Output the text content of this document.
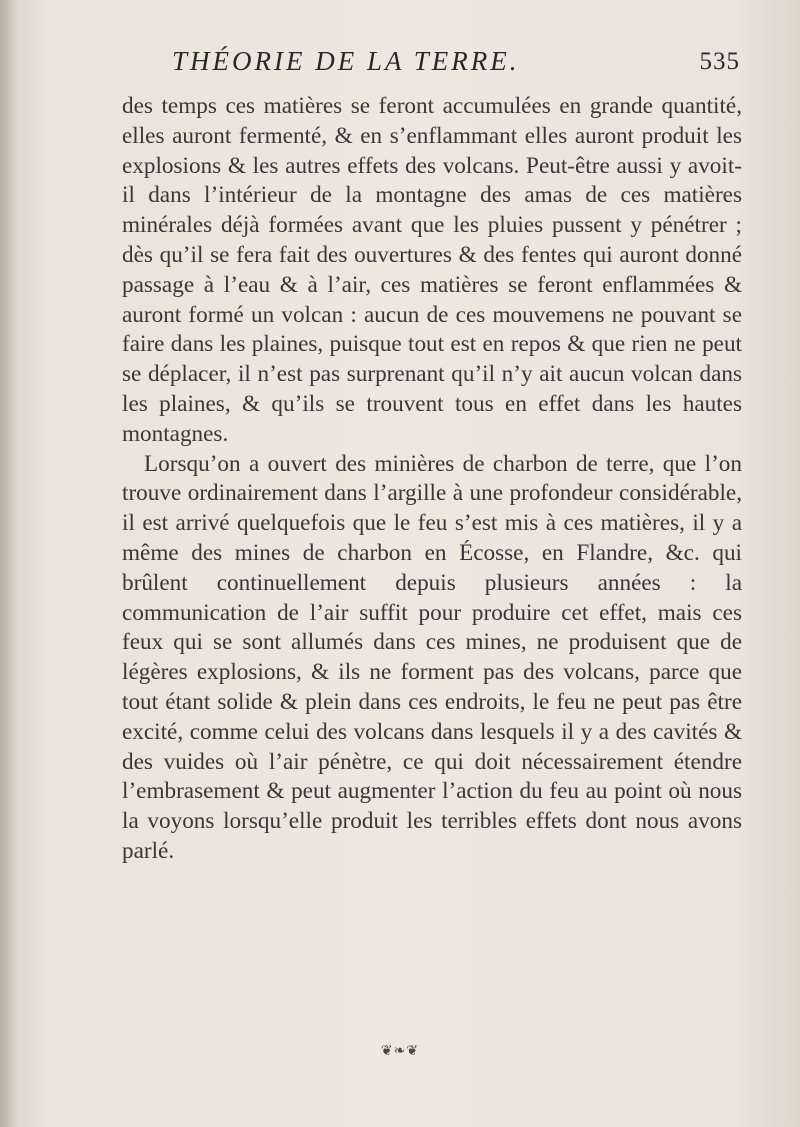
THÉORIE DE LA TERRE.	535

des temps ces matières se feront accumulées en grande quantité, elles auront fermenté, & en s’enflammant elles auront produit les explosions & les autres effets des volcans. Peut-être aussi y avoit-il dans l’intérieur de la montagne des amas de ces matières minérales déjà formées avant que les pluies pussent y pénétrer ; dès qu’il se fera fait des ouvertures & des fentes qui auront donné passage à l’eau & à l’air, ces matières se feront enflammées & auront formé un volcan : aucun de ces mouvemens ne pouvant se faire dans les plaines, puisque tout est en repos & que rien ne peut se déplacer, il n’est pas surprenant qu’il n’y ait aucun volcan dans les plaines, & qu’ils se trouvent tous en effet dans les hautes montagnes.

Lorsqu’on a ouvert des minières de charbon de terre, que l’on trouve ordinairement dans l’argille à une profondeur considérable, il est arrivé quelquefois que le feu s’est mis à ces matières, il y a même des mines de charbon en Écosse, en Flandre, &c. qui brûlent continuellement depuis plusieurs années : la communication de l’air suffit pour produire cet effet, mais ces feux qui se sont allumés dans ces mines, ne produisent que de légères explosions, & ils ne forment pas des volcans, parce que tout étant solide & plein dans ces endroits, le feu ne peut pas être excité, comme celui des volcans dans lesquels il y a des cavités & des vuides où l’air pénètre, ce qui doit nécessairement étendre l’embrasement & peut augmenter l’action du feu au point où nous la voyons lorsqu’elle produit les terribles effets dont nous avons parlé.

❦❧❦
